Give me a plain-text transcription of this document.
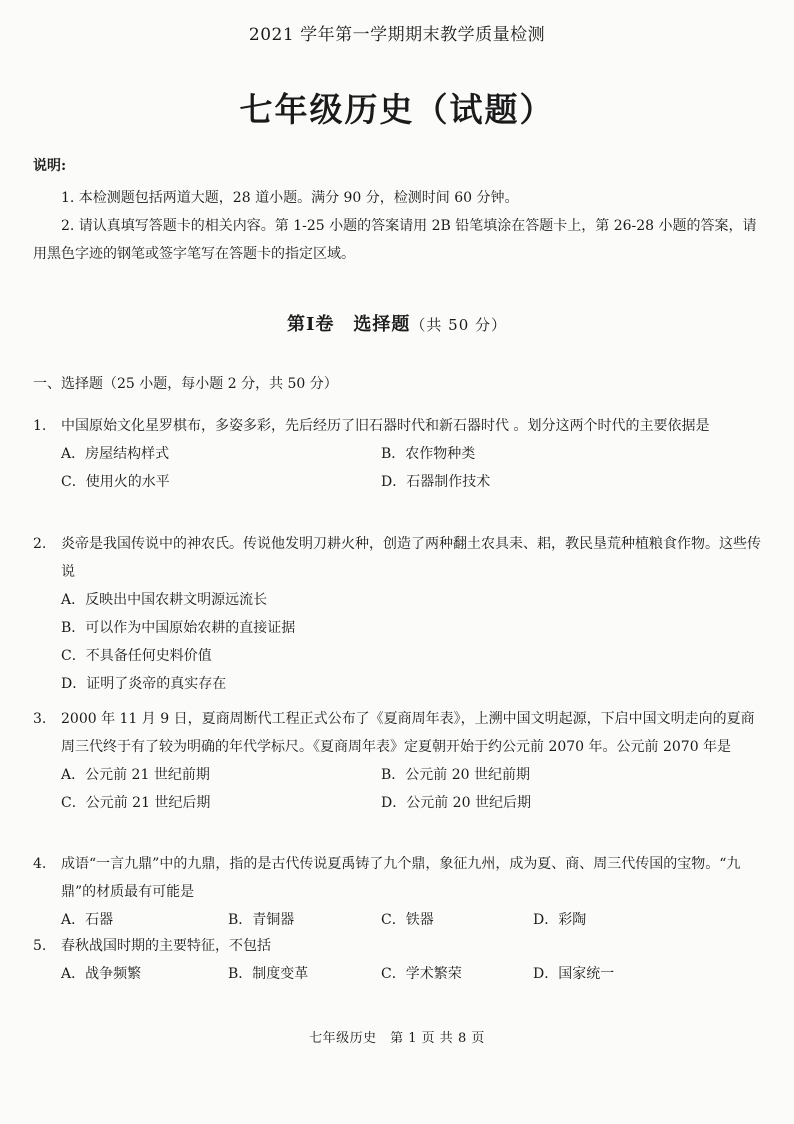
2021 学年第一学期期末教学质量检测
七年级历史（试题）
说明:
1. 本检测题包括两道大题，28 道小题。满分 90 分，检测时间 60 分钟。
2. 请认真填写答题卡的相关内容。第 1-25 小题的答案请用 2B 铅笔填涂在答题卡上，第 26-28 小题的答案，请用黑色字迹的钢笔或签字笔写在答题卡的指定区域。
第Ⅰ卷　选择题（共 50 分）
一、选择题（25 小题，每小题 2 分，共 50 分）
1. 中国原始文化星罗棋布，多姿多彩，先后经历了旧石器时代和新石器时代 。划分这两个时代的主要依据是
A．房屋结构样式	B．农作物种类
C．使用火的水平	D．石器制作技术
2. 炎帝是我国传说中的神农氏。传说他发明刀耕火种，创造了两种翻土农具耒、耜，教民垦荒种植粮食作物。这些传说
A．反映出中国农耕文明源远流长
B．可以作为中国原始农耕的直接证据
C．不具备任何史料价值
D．证明了炎帝的真实存在
3. 2000 年 11 月 9 日，夏商周断代工程正式公布了《夏商周年表》，上溯中国文明起源，下启中国文明走向的夏商周三代终于有了较为明确的年代学标尺。《夏商周年表》定夏朝开始于约公元前 2070 年。公元前 2070 年是
A．公元前 21 世纪前期	B．公元前 20 世纪前期
C．公元前 21 世纪后期	D．公元前 20 世纪后期
4. 成语“一言九鼎”中的九鼎，指的是古代传说夏禹铸了九个鼎，象征九州，成为夏、商、周三代传国的宝物。“九鼎”的材质最有可能是
A．石器	B．青铜器	C．铁器	D．彩陶
5. 春秋战国时期的主要特征，不包括
A．战争频繁	B．制度变革	C．学术繁荣	D．国家统一
七年级历史　第 1 页 共 8 页
